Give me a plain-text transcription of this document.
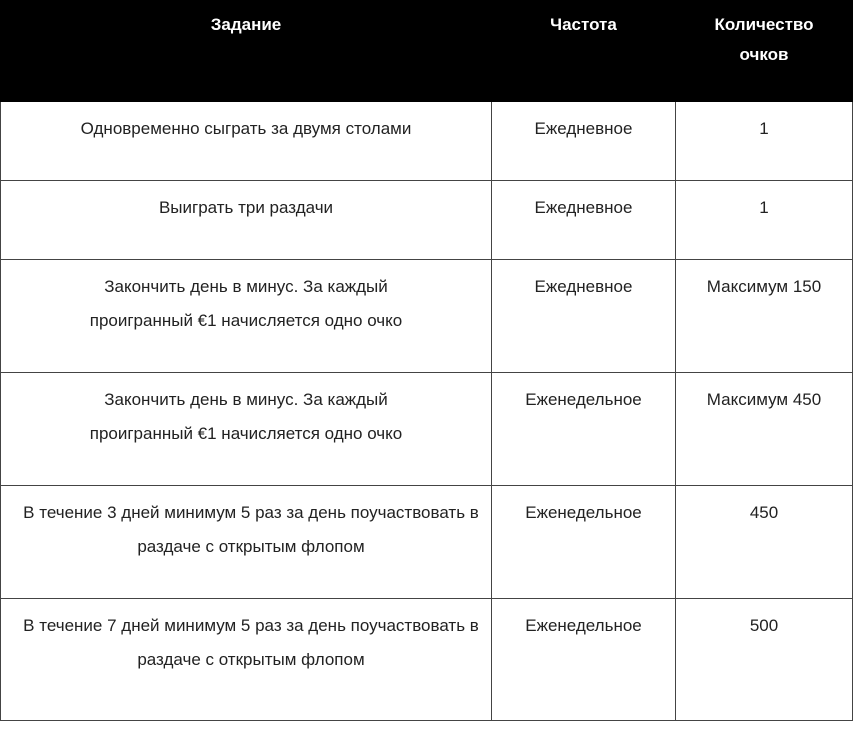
Задание	Частота	Количество очков
Одновременно сыграть за двумя столами	Ежедневное	1
Выиграть три раздачи	Ежедневное	1
Закончить день в минус. За каждый проигранный €1 начисляется одно очко	Ежедневное	Максимум 150
Закончить день в минус. За каждый проигранный €1 начисляется одно очко	Еженедельное	Максимум 450
В течение 3 дней минимум 5 раз за день поучаствовать в раздаче с открытым флопом	Еженедельное	450
В течение 7 дней минимум 5 раз за день поучаствовать в раздаче с открытым флопом	Еженедельное	500
